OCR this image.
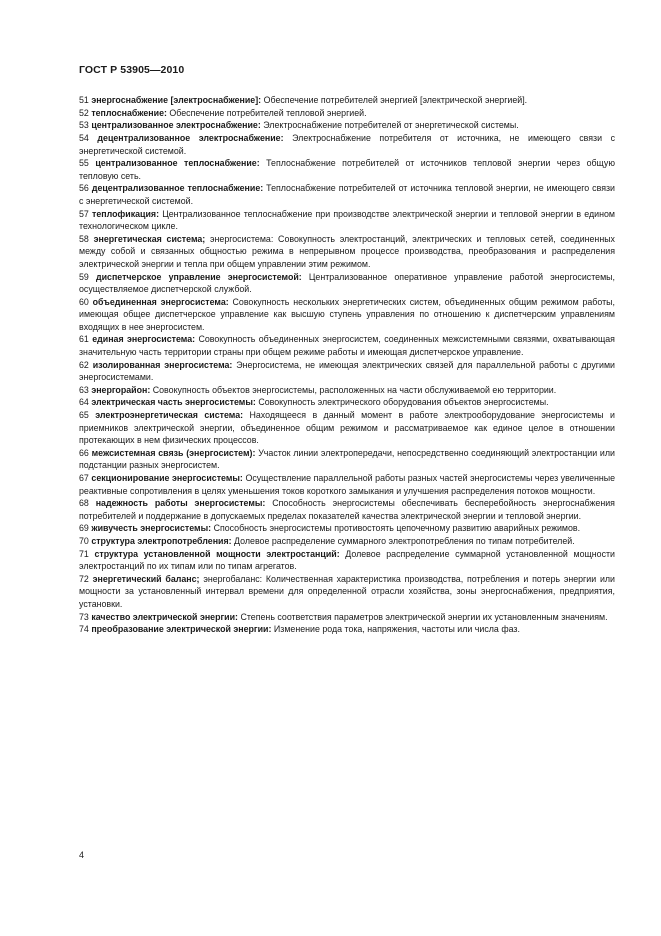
ГОСТ Р 53905—2010

51 энергоснабжение [электроснабжение]: Обеспечение потребителей энергией [электрической энергией].

52 теплоснабжение: Обеспечение потребителей тепловой энергией.

53 централизованное электроснабжение: Электроснабжение потребителей от энергетической системы.

54 децентрализованное электроснабжение: Электроснабжение потребителя от источника, не имеющего связи с энергетической системой.

55 централизованное теплоснабжение: Теплоснабжение потребителей от источников тепловой энергии через общую тепловую сеть.

56 децентрализованное теплоснабжение: Теплоснабжение потребителей от источника тепловой энергии, не имеющего связи с энергетической системой.

57 теплофикация: Централизованное теплоснабжение при производстве электрической энергии и тепловой энергии в едином технологическом цикле.

58 энергетическая система; энергосистема: Совокупность электростанций, электрических и тепловых сетей, соединенных между собой и связанных общностью режима в непрерывном процессе производства, преобразования и распределения электрической энергии и тепла при общем управлении этим режимом.

59 диспетчерское управление энергосистемой: Централизованное оперативное управление работой энергосистемы, осуществляемое диспетчерской службой.

60 объединенная энергосистема: Совокупность нескольких энергетических систем, объединенных общим режимом работы, имеющая общее диспетчерское управление как высшую ступень управления по отношению к диспетчерским управлениям входящих в нее энергосистем.

61 единая энергосистема: Совокупность объединенных энергосистем, соединенных межсистемными связями, охватывающая значительную часть территории страны при общем режиме работы и имеющая диспетчерское управление.

62 изолированная энергосистема: Энергосистема, не имеющая электрических связей для параллельной работы с другими энергосистемами.

63 энергорайон: Совокупность объектов энергосистемы, расположенных на части обслуживаемой ею территории.

64 электрическая часть энергосистемы: Совокупность электрического оборудования объектов энергосистемы.

65 электроэнергетическая система: Находящееся в данный момент в работе электрооборудование энергосистемы и приемников электрической энергии, объединенное общим режимом и рассматриваемое как единое целое в отношении протекающих в нем физических процессов.

66 межсистемная связь (энергосистем): Участок линии электропередачи, непосредственно соединяющий электростанции или подстанции разных энергосистем.

67 секционирование энергосистемы: Осуществление параллельной работы разных частей энергосистемы через увеличенные реактивные сопротивления в целях уменьшения токов короткого замыкания и улучшения распределения потоков мощности.

68 надежность работы энергосистемы: Способность энергосистемы обеспечивать бесперебойность энергоснабжения потребителей и поддержание в допускаемых пределах показателей качества электрической энергии и тепловой энергии.

69 живучесть энергосистемы: Способность энергосистемы противостоять цепочечному развитию аварийных режимов.

70 структура электропотребления: Долевое распределение суммарного электропотребления по типам потребителей.

71 структура установленной мощности электростанций: Долевое распределение суммарной установленной мощности электростанций по их типам или по типам агрегатов.

72 энергетический баланс; энергобаланс: Количественная характеристика производства, потребления и потерь энергии или мощности за установленный интервал времени для определенной отрасли хозяйства, зоны энергоснабжения, предприятия, установки.

73 качество электрической энергии: Степень соответствия параметров электрической энергии их установленным значениям.

74 преобразование электрической энергии: Изменение рода тока, напряжения, частоты или числа фаз.

4
